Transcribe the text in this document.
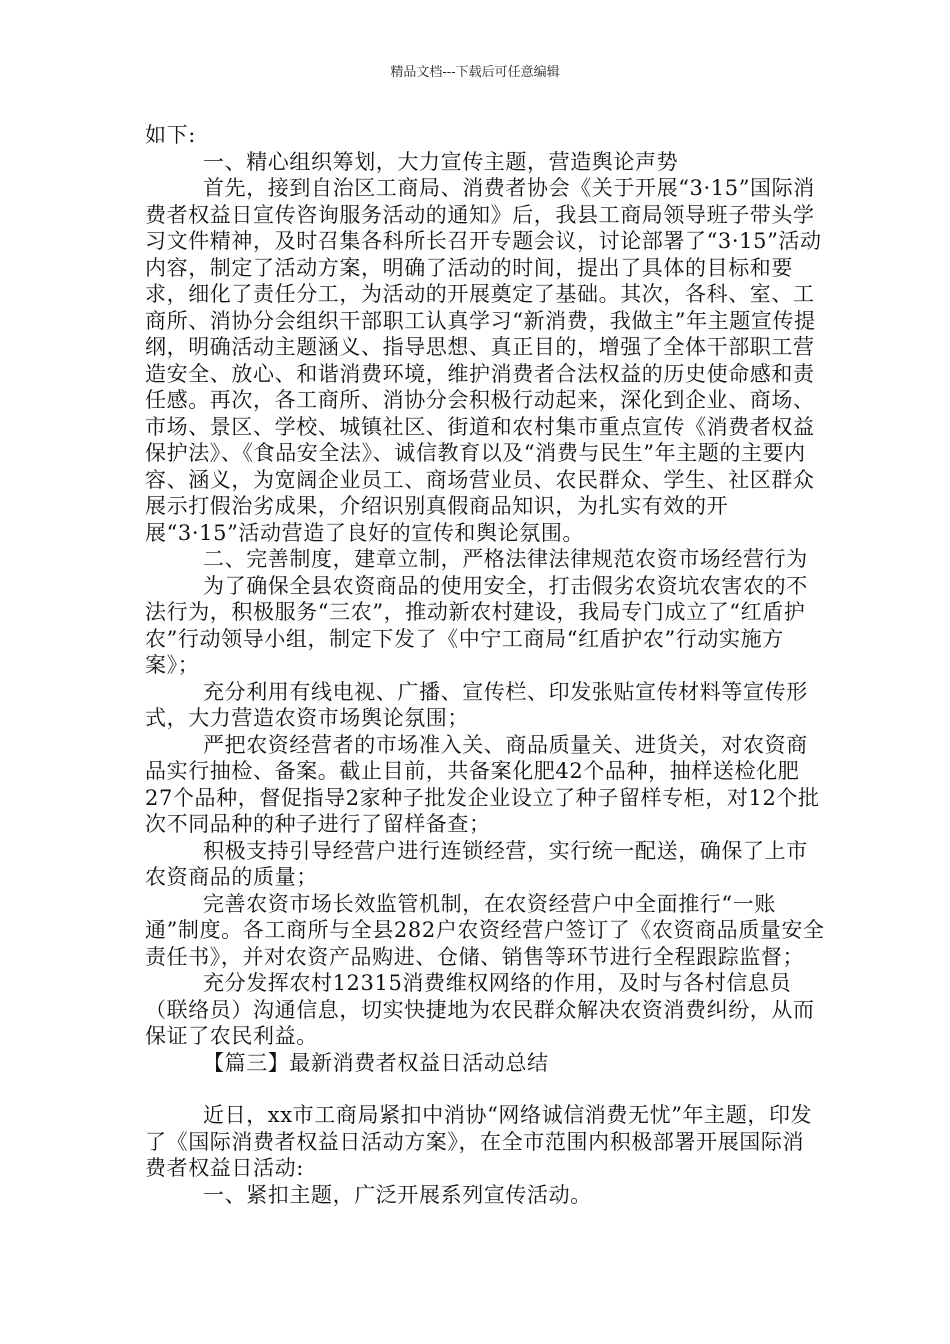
精品文档---下载后可任意编辑

如下:

一、精心组织筹划，大力宣传主题，营造舆论声势

首先，接到自治区工商局、消费者协会《关于开展“3·15”国际消费者权益日宣传咨询服务活动的通知》后，我县工商局领导班子带头学习文件精神，及时召集各科所长召开专题会议，讨论部署了“3·15”活动内容，制定了活动方案，明确了活动的时间，提出了具体的目标和要求，细化了责任分工，为活动的开展奠定了基础。其次，各科、室、工商所、消协分会组织干部职工认真学习“新消费，我做主”年主题宣传提纲，明确活动主题涵义、指导思想、真正目的，增强了全体干部职工营造安全、放心、和谐消费环境，维护消费者合法权益的历史使命感和责任感。再次，各工商所、消协分会积极行动起来，深化到企业、商场、市场、景区、学校、城镇社区、街道和农村集市重点宣传《消费者权益保护法》、《食品安全法》、诚信教育以及“消费与民生”年主题的主要内容、涵义，为宽阔企业员工、商场营业员、农民群众、学生、社区群众展示打假治劣成果，介绍识别真假商品知识，为扎实有效的开展“3·15”活动营造了良好的宣传和舆论氛围。

二、完善制度，建章立制，严格法律法律规范农资市场经营行为

为了确保全县农资商品的使用安全，打击假劣农资坑农害农的不法行为，积极服务“三农”，推动新农村建设，我局专门成立了“红盾护农”行动领导小组，制定下发了《中宁工商局“红盾护农”行动实施方案》；

充分利用有线电视、广播、宣传栏、印发张贴宣传材料等宣传形式，大力营造农资市场舆论氛围；

严把农资经营者的市场准入关、商品质量关、进货关，对农资商品实行抽检、备案。截止目前，共备案化肥42个品种，抽样送检化肥27个品种，督促指导2家种子批发企业设立了种子留样专柜，对12个批次不同品种的种子进行了留样备查；

积极支持引导经营户进行连锁经营，实行统一配送，确保了上市农资商品的质量；

完善农资市场长效监管机制，在农资经营户中全面推行“一账通”制度。各工商所与全县282户农资经营户签订了《农资商品质量安全责任书》，并对农资产品购进、仓储、销售等环节进行全程跟踪监督；

充分发挥农村12315消费维权网络的作用，及时与各村信息员（联络员）沟通信息，切实快捷地为农民群众解决农资消费纠纷，从而保证了农民利益。

【篇三】最新消费者权益日活动总结

近日，xx市工商局紧扣中消协“网络诚信消费无忧”年主题，印发了《国际消费者权益日活动方案》，在全市范围内积极部署开展国际消费者权益日活动:

一、紧扣主题，广泛开展系列宣传活动。
